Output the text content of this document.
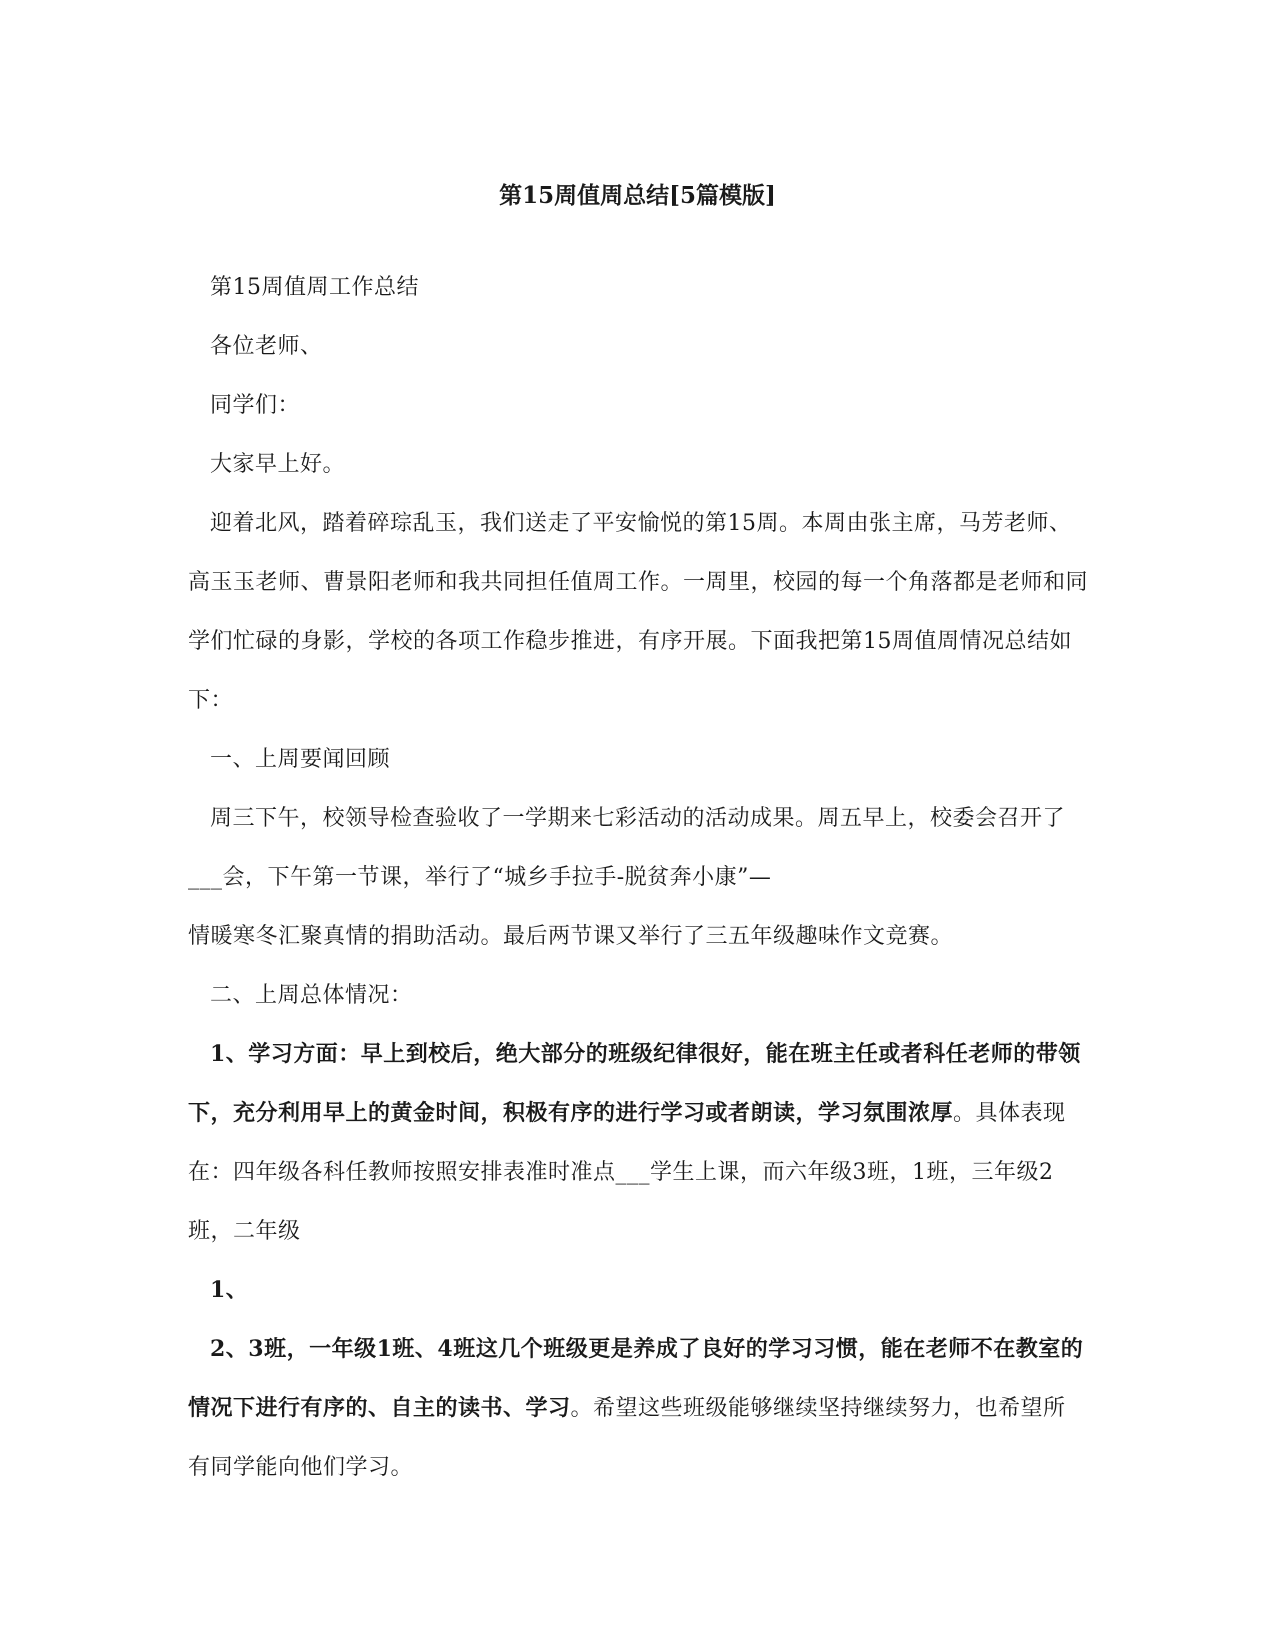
第15周值周总结[5篇模版]

第15周值周工作总结

各位老师、

同学们：

大家早上好。

迎着北风，踏着碎琮乱玉，我们送走了平安愉悦的第15周。本周由张主席，马芳老师、高玉玉老师、曹景阳老师和我共同担任值周工作。一周里，校园的每一个角落都是老师和同学们忙碌的身影，学校的各项工作稳步推进，有序开展。下面我把第15周值周情况总结如下：

一、上周要闻回顾

周三下午，校领导检查验收了一学期来七彩活动的活动成果。周五早上，校委会召开了___会，下午第一节课，举行了“城乡手拉手-脱贫奔小康”—

情暖寒冬汇聚真情的捐助活动。最后两节课又举行了三五年级趣味作文竞赛。

二、上周总体情况：

1、学习方面：早上到校后，绝大部分的班级纪律很好，能在班主任或者科任老师的带领下，充分利用早上的黄金时间，积极有序的进行学习或者朗读，学习氛围浓厚。具体表现在：四年级各科任教师按照安排表准时准点___学生上课，而六年级3班，1班，三年级2班，二年级

1、

2、3班，一年级1班、4班这几个班级更是养成了良好的学习习惯，能在老师不在教室的情况下进行有序的、自主的读书、学习。希望这些班级能够继续坚持继续努力，也希望所有同学能向他们学习。
